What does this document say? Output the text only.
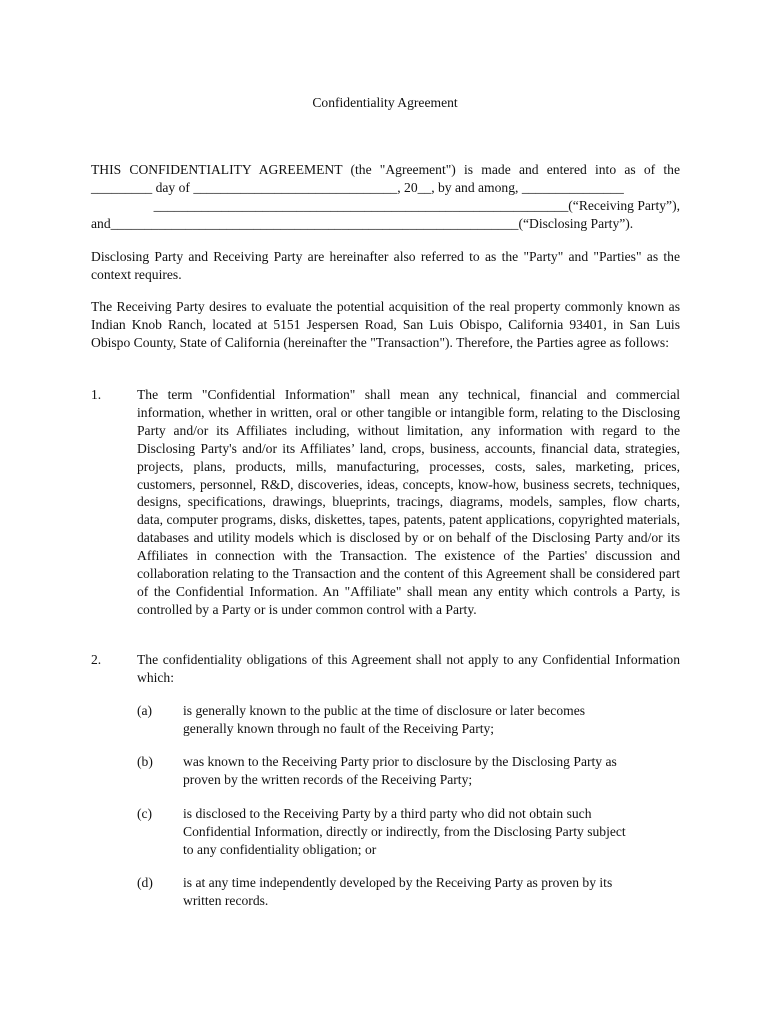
Confidentiality Agreement
THIS CONFIDENTIALITY AGREEMENT (the "Agreement") is made and entered into as of the
_________ day of ______________________________, 20__, by and among, _______________
_____________________________________________________________(“Receiving Party”),
and____________________________________________________________(“Disclosing Party”).
Disclosing Party and Receiving Party are hereinafter also referred to as the "Party" and "Parties" as the context requires.
The Receiving Party desires to evaluate the potential acquisition of the real property commonly known as Indian Knob Ranch, located at 5151 Jespersen Road, San Luis Obispo, California 93401, in San Luis Obispo County, State of California (hereinafter the "Transaction"). Therefore, the Parties agree as follows:
1.	The term "Confidential Information" shall mean any technical, financial and commercial information, whether in written, oral or other tangible or intangible form, relating to the Disclosing Party and/or its Affiliates including, without limitation, any information with regard to the Disclosing Party's and/or its Affiliates’ land, crops, business, accounts, financial data, strategies, projects, plans, products, mills, manufacturing, processes, costs, sales, marketing, prices, customers, personnel, R&D, discoveries, ideas, concepts, know-how, business secrets, techniques, designs, specifications, drawings, blueprints, tracings, diagrams, models, samples, flow charts, data, computer programs, disks, diskettes, tapes, patents, patent applications, copyrighted materials, databases and utility models which is disclosed by or on behalf of the Disclosing Party and/or its Affiliates in connection with the Transaction. The existence of the Parties' discussion and collaboration relating to the Transaction and the content of this Agreement shall be considered part of the Confidential Information. An "Affiliate" shall mean any entity which controls a Party, is controlled by a Party or is under common control with a Party.
2.	The confidentiality obligations of this Agreement shall not apply to any Confidential Information which:
(a) is generally known to the public at the time of disclosure or later becomes
generally known through no fault of the Receiving Party;
(b) was known to the Receiving Party prior to disclosure by the Disclosing Party as
proven by the written records of the Receiving Party;
(c) is disclosed to the Receiving Party by a third party who did not obtain such
Confidential Information, directly or indirectly, from the Disclosing Party subject
to any confidentiality obligation; or
(d) is at any time independently developed by the Receiving Party as proven by its
written records.
